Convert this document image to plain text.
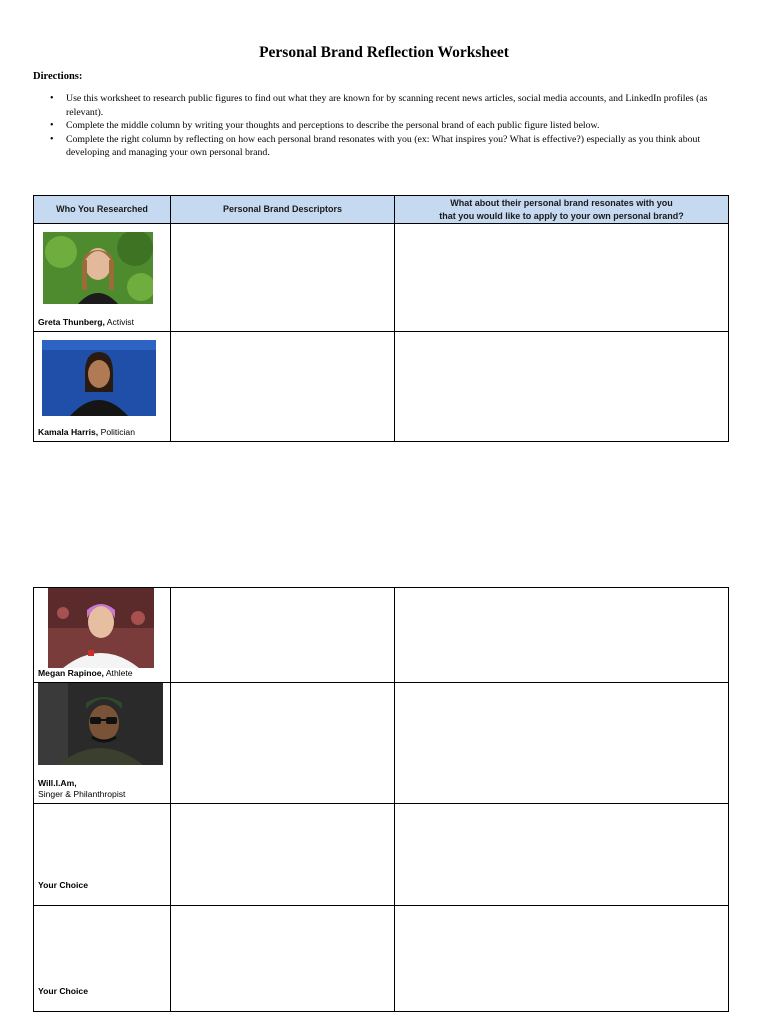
Personal Brand Reflection Worksheet
Directions:
• Use this worksheet to research public figures to find out what they are known for by scanning recent news articles, social media accounts, and LinkedIn profiles (as relevant).
• Complete the middle column by writing your thoughts and perceptions to describe the personal brand of each public figure listed below.
• Complete the right column by reflecting on how each personal brand resonates with you (ex: What inspires you? What is effective?) especially as you think about developing and managing your own personal brand.
Who You Researched	Personal Brand Descriptors	What about their personal brand resonates with you
that you would like to apply to your own personal brand?

Greta Thunberg, Activist		

Kamala Harris, Politician		

Megan Rapinoe, Athlete		

Will.I.Am,
Singer & Philanthropist		

Your Choice		

Your Choice		
